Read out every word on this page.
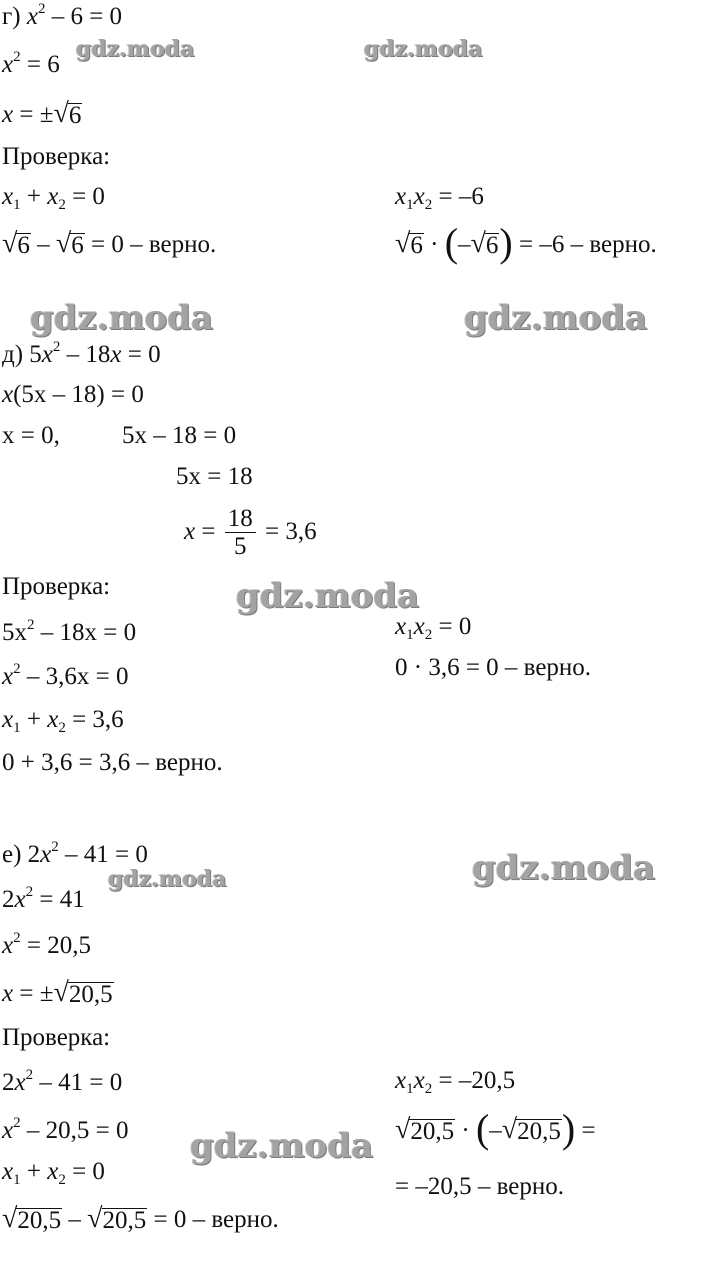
г) $x^2 - 6 = 0$
$x^2 = 6$
x = ± √ 6
Проверка:
$x_1 + x_2 = 0$
√ 6 – √ 6 = 0 – верно.
$x_1x_2 = -6$
√ 6 · (– √ 6 ) = –6 – верно.
д) $5x^2 - 18x = 0$
x(5x – 18) = 0
x = 0, 5x – 18 = 0
5x = 18
$x = \frac{18}{5} = 3,6$
Проверка:
$5x^2 - 18x = 0$
$x^2 - 3,6x = 0$
$x_1 + x_2 = 3,6$
0 + 3,6 = 3,6 – верно.
$x_1x_2 = 0$
0 · 3,6 = 0 – верно.
е) $2x^2 - 41 = 0$
$2x^2 = 41$
$x^2 = 20,5$
x = ± √ 20,5
Проверка:
$2x^2 - 41 = 0$
$x^2 - 20,5 = 0$
$x_1 + x_2 = 0$
√ 20,5 – √ 20,5 = 0 – верно.
$x_1x_2 = -20,5$
√ 20,5 · (– √ 20,5 ) =
= –20,5 – верно.
gdz.moda	gdz.moda
gdz.moda	gdz.moda
gdz.moda
gdz.moda	gdz.moda
gdz.moda
